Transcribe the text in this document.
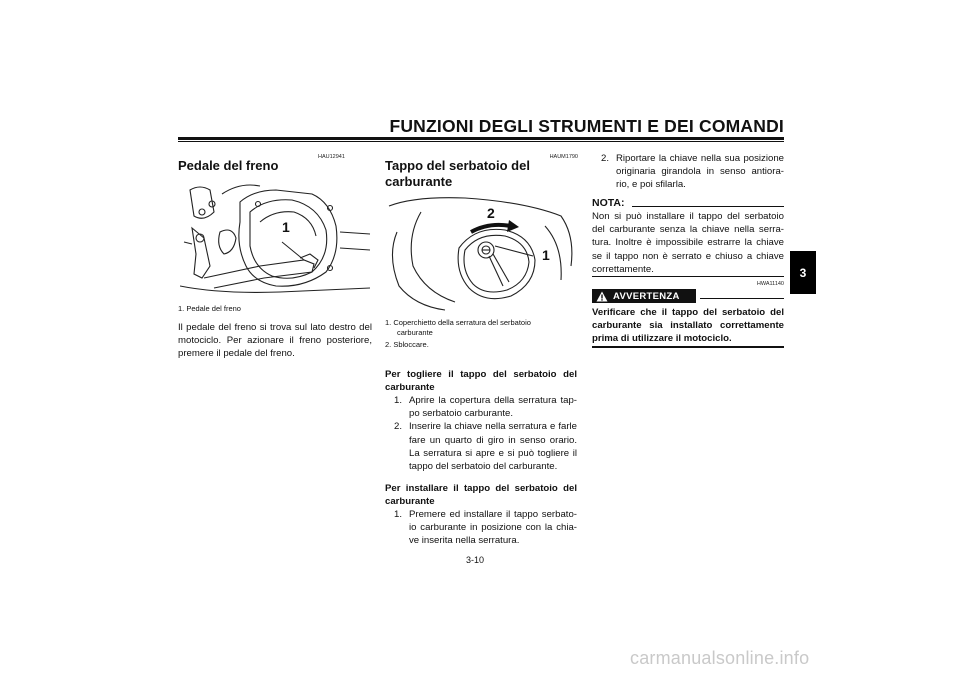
FUNZIONI DEGLI STRUMENTI E DEI COMANDI
3
HAU12941
Pedale del freno
1
1. Pedale del freno
Il pedale del freno si trova sul lato destro del motociclo. Per azionare il freno posteriore, premere il pedale del freno.
HAUM1790
Tappo del serbatoio del
carburante
2
1
1. Coperchietto della serratura del serbatoio
carburante
2. Sbloccare.
Per togliere il tappo del serbatoio del carburante
1. Aprire la copertura della serratura tap-po serbatoio carburante.
2. Inserire la chiave nella serratura e farle fare un quarto di giro in senso orario. La serratura si apre e si può togliere il tappo del serbatoio del carburante.
Per installare il tappo del serbatoio del carburante
1. Premere ed installare il tappo serbato-io carburante in posizione con la chia-ve inserita nella serratura.
2. Riportare la chiave nella sua posizione originaria girandola in senso antiora-rio, e poi sfilarla.
NOTA:
Non si può installare il tappo del serbatoio del carburante senza la chiave nella serra-tura. Inoltre è impossibile estrarre la chiave se il tappo non è serrato e chiuso a chiave correttamente.
HWA11140
AVVERTENZA
Verificare che il tappo del serbatoio del carburante sia installato correttamente prima di utilizzare il motociclo.
3-10
carmanualsonline.info
